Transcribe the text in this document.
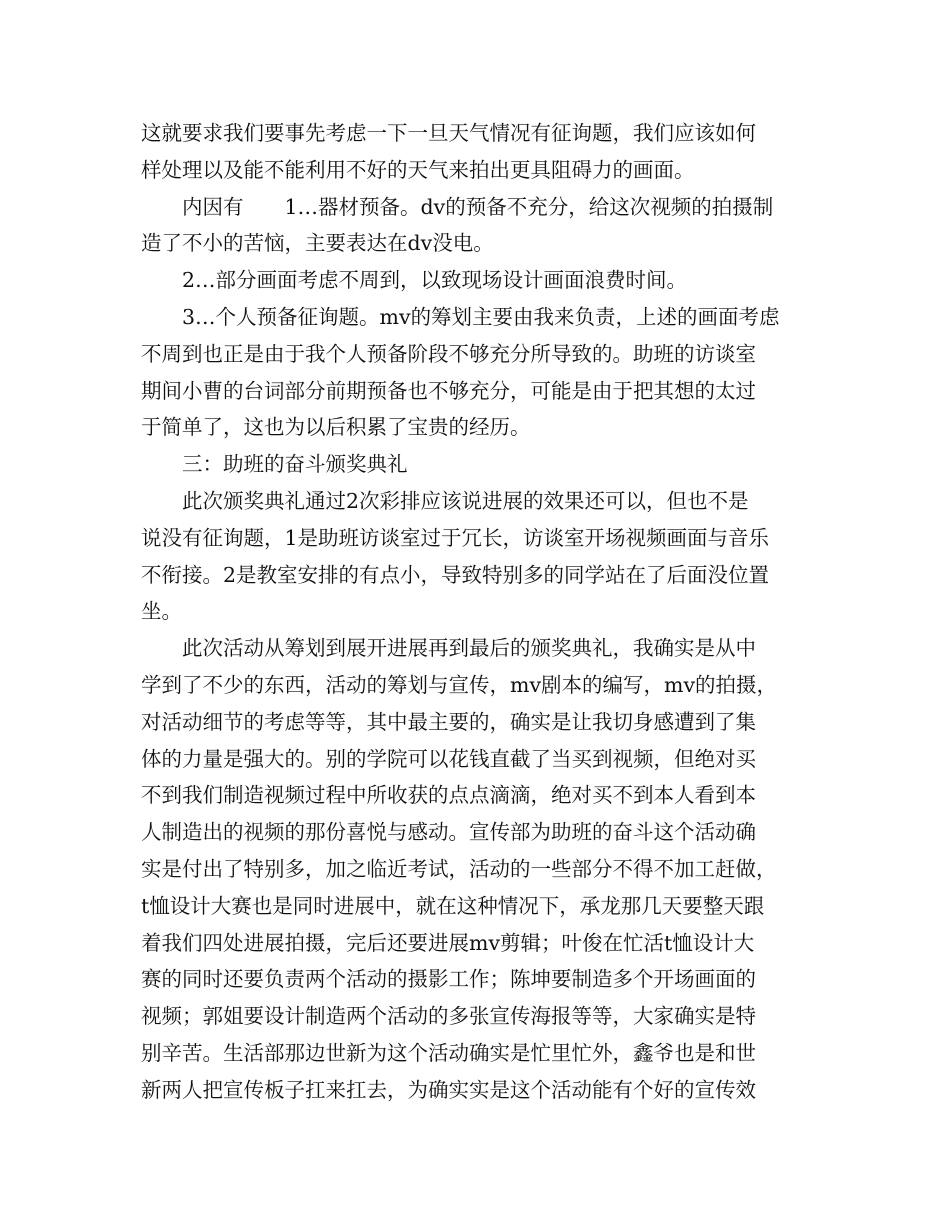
这就要求我们要事先考虑一下一旦天气情况有征询题，我们应该如何
样处理以及能不能利用不好的天气来拍出更具阻碍力的画面。
内因有　　1…器材预备。dv的预备不充分，给这次视频的拍摄制
造了不小的苦恼，主要表达在dv没电。
2…部分画面考虑不周到，以致现场设计画面浪费时间。
3…个人预备征询题。mv的筹划主要由我来负责，上述的画面考虑
不周到也正是由于我个人预备阶段不够充分所导致的。助班的访谈室
期间小曹的台词部分前期预备也不够充分，可能是由于把其想的太过
于简单了，这也为以后积累了宝贵的经历。
三：助班的奋斗颁奖典礼
此次颁奖典礼通过2次彩排应该说进展的效果还可以，但也不是
说没有征询题，1是助班访谈室过于冗长，访谈室开场视频画面与音乐
不衔接。2是教室安排的有点小，导致特别多的同学站在了后面没位置
坐。
此次活动从筹划到展开进展再到最后的颁奖典礼，我确实是从中
学到了不少的东西，活动的筹划与宣传，mv剧本的编写，mv的拍摄，
对活动细节的考虑等等，其中最主要的，确实是让我切身感遭到了集
体的力量是强大的。别的学院可以花钱直截了当买到视频，但绝对买
不到我们制造视频过程中所收获的点点滴滴，绝对买不到本人看到本
人制造出的视频的那份喜悦与感动。宣传部为助班的奋斗这个活动确
实是付出了特别多，加之临近考试，活动的一些部分不得不加工赶做，
t恤设计大赛也是同时进展中，就在这种情况下，承龙那几天要整天跟
着我们四处进展拍摄，完后还要进展mv剪辑；叶俊在忙活t恤设计大
赛的同时还要负责两个活动的摄影工作；陈坤要制造多个开场画面的
视频；郭姐要设计制造两个活动的多张宣传海报等等，大家确实是特
别辛苦。生活部那边世新为这个活动确实是忙里忙外，鑫爷也是和世
新两人把宣传板子扛来扛去，为确实实是这个活动能有个好的宣传效
